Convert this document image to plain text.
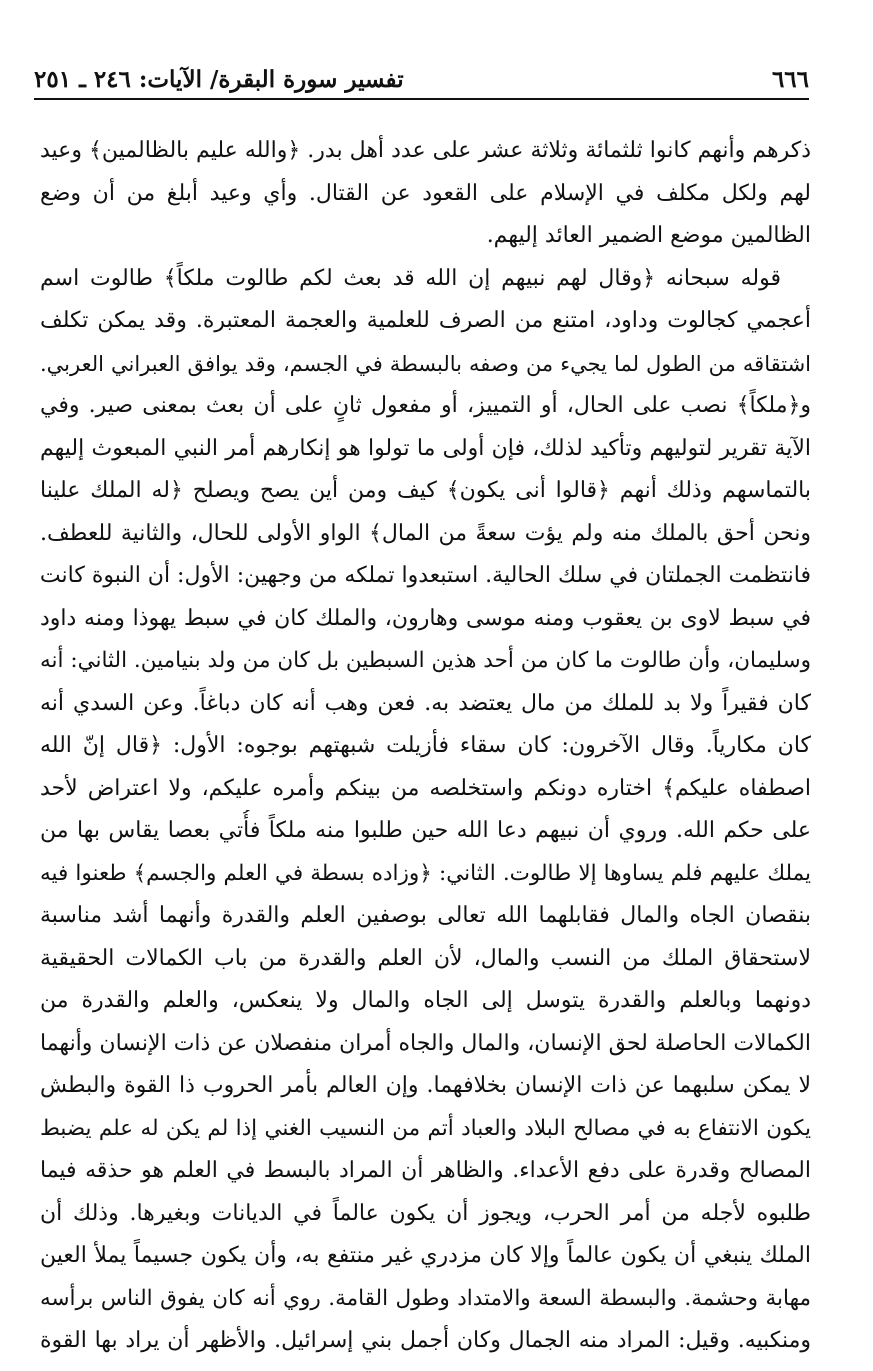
تفسير سورة البقرة/ الآيات: ٢٤٦ ـ ٢٥١	٦٦٦
ذكرهم وأنهم كانوا ثلثمائة وثلاثة عشر على عدد أهل بدر. ﴿والله عليم بالظالمين﴾ وعيد
لهم ولكل مكلف في الإسلام على القعود عن القتال. وأي وعيد أبلغ من أن وضع
الظالمين موضع الضمير العائد إليهم.
قوله سبحانه ﴿وقال لهم نبيهم إن الله قد بعث لكم طالوت ملكاً﴾ طالوت اسم
أعجمي كجالوت وداود، امتنع من الصرف للعلمية والعجمة المعتبرة. وقد يمكن تكلف
اشتقاقه من الطول لما يجيء من وصفه بالبسطة في الجسم، وقد يوافق العبراني العربي.
و﴿ملكاً﴾ نصب على الحال، أو التمييز، أو مفعول ثانٍ على أن بعث بمعنى صير. وفي
الآية تقرير لتوليهم وتأكيد لذلك، فإن أولى ما تولوا هو إنكارهم أمر النبي المبعوث إليهم
بالتماسهم وذلك أنهم ﴿قالوا أنى يكون﴾ كيف ومن أين يصح ويصلح ﴿له الملك علينا
ونحن أحق بالملك منه ولم يؤت سعةً من المال﴾ الواو الأولى للحال، والثانية للعطف.
فانتظمت الجملتان في سلك الحالية. استبعدوا تملكه من وجهين: الأول: أن النبوة كانت
في سبط لاوى بن يعقوب ومنه موسى وهارون، والملك كان في سبط يهوذا ومنه داود
وسليمان، وأن طالوت ما كان من أحد هذين السبطين بل كان من ولد بنيامين. الثاني: أنه
كان فقيراً ولا بد للملك من مال يعتضد به. فعن وهب أنه كان دباغاً. وعن السدي أنه
كان مكارياً. وقال الآخرون: كان سقاء فأزيلت شبهتهم بوجوه: الأول: ﴿قال إنّ الله
اصطفاه عليكم﴾ اختاره دونكم واستخلصه من بينكم وأمره عليكم، ولا اعتراض لأحد
على حكم الله. وروي أن نبيهم دعا الله حين طلبوا منه ملكاً فأُتي بعصا يقاس بها من
يملك عليهم فلم يساوها إلا طالوت. الثاني: ﴿وزاده بسطة في العلم والجسم﴾ طعنوا فيه
بنقصان الجاه والمال فقابلهما الله تعالى بوصفين العلم والقدرة وأنهما أشد مناسبة
لاستحقاق الملك من النسب والمال، لأن العلم والقدرة من باب الكمالات الحقيقية
دونهما وبالعلم والقدرة يتوسل إلى الجاه والمال ولا ينعكس، والعلم والقدرة من
الكمالات الحاصلة لحق الإنسان، والمال والجاه أمران منفصلان عن ذات الإنسان وأنهما
لا يمكن سلبهما عن ذات الإنسان بخلافهما. وإن العالم بأمر الحروب ذا القوة والبطش
يكون الانتفاع به في مصالح البلاد والعباد أتم من النسيب الغني إذا لم يكن له علم يضبط
المصالح وقدرة على دفع الأعداء. والظاهر أن المراد بالبسط في العلم هو حذقه فيما
طلبوه لأجله من أمر الحرب، ويجوز أن يكون عالماً في الديانات وبغيرها. وذلك أن
الملك ينبغي أن يكون عالماً وإلا كان مزدري غير منتفع به، وأن يكون جسيماً يملأ العين
مهابة وحشمة. والبسطة السعة والامتداد وطول القامة. روي أنه كان يفوق الناس برأسه
ومنكبيه. وقيل: المراد منه الجمال وكان أجمل بني إسرائيل. والأظهر أن يراد بها القوة
